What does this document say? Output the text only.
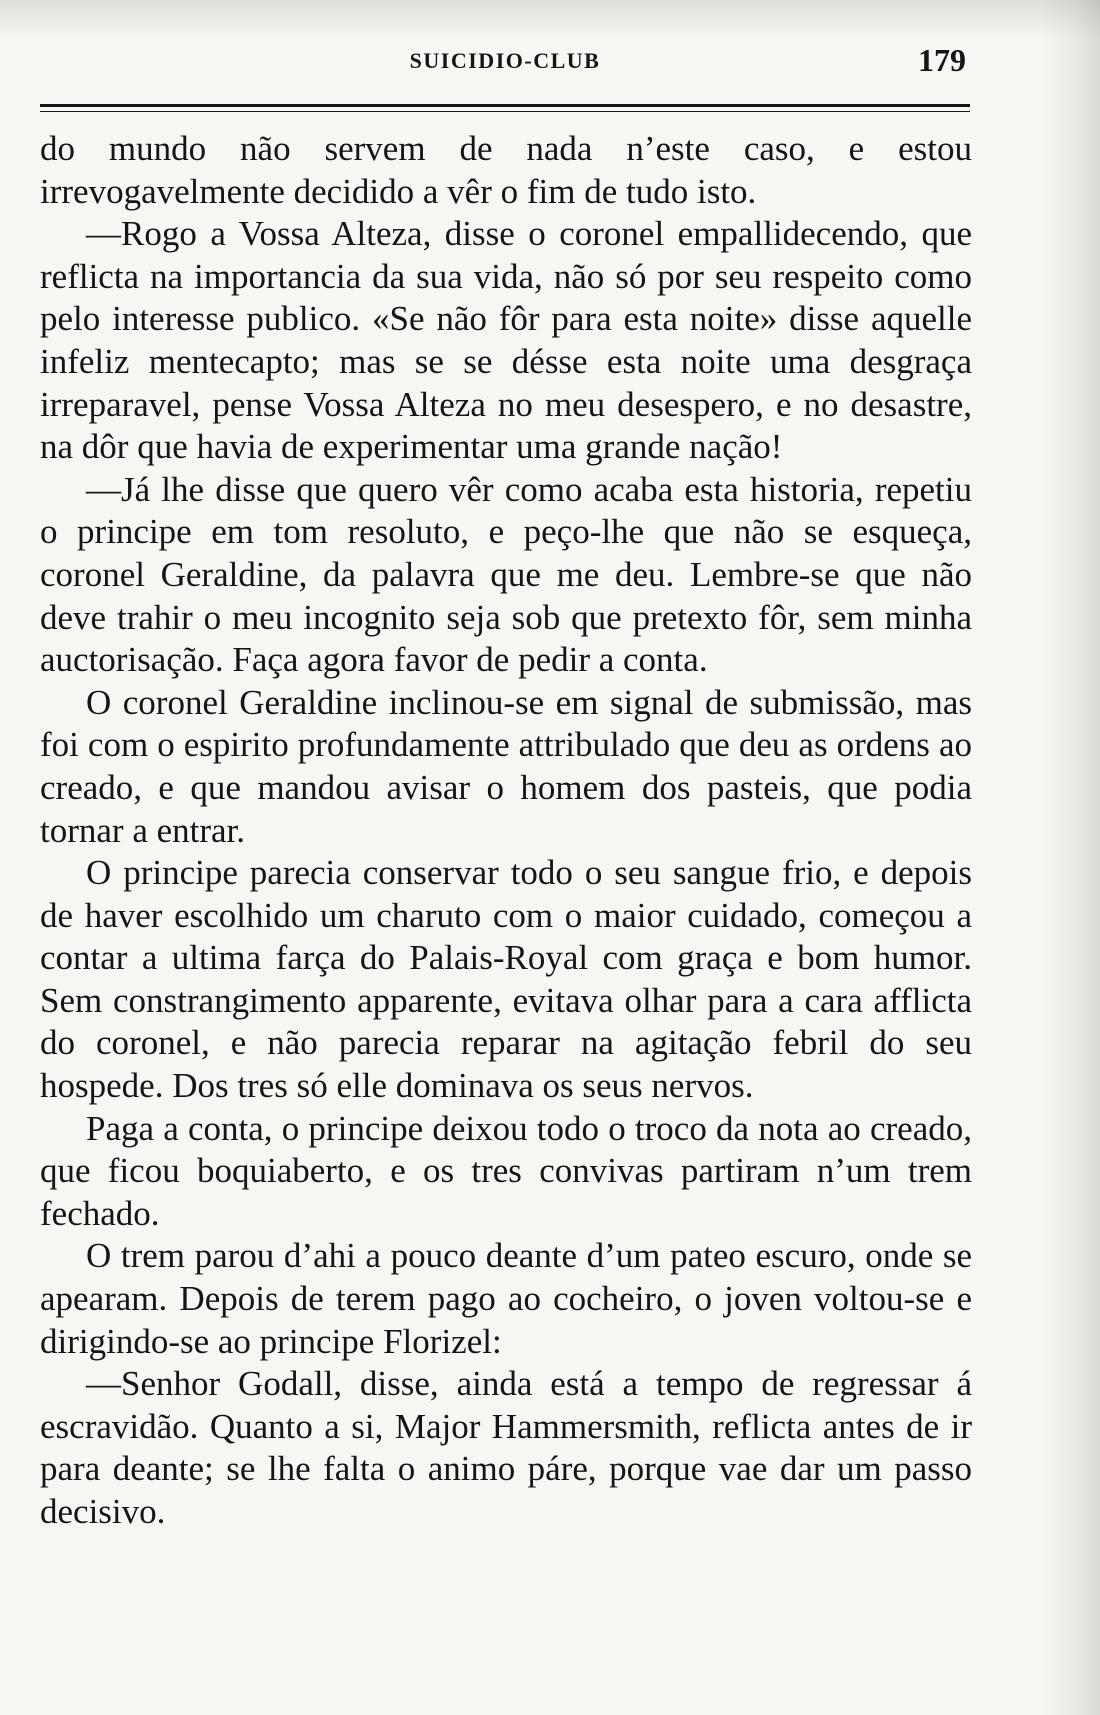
SUICIDIO-CLUB	179

do mundo não servem de nada n’este caso, e estou irrevogavelmente decidido a vêr o fim de tudo isto.

—Rogo a Vossa Alteza, disse o coronel empallidecendo, que reflicta na importancia da sua vida, não só por seu respeito como pelo interesse publico. «Se não fôr para esta noite» disse aquelle infeliz mentecapto; mas se se désse esta noite uma desgraça irreparavel, pense Vossa Alteza no meu desespero, e no desastre, na dôr que havia de experimentar uma grande nação!

—Já lhe disse que quero vêr como acaba esta historia, repetiu o principe em tom resoluto, e peço-lhe que não se esqueça, coronel Geraldine, da palavra que me deu. Lembre-se que não deve trahir o meu incognito seja sob que pretexto fôr, sem minha auctorisação. Faça agora favor de pedir a conta.

O coronel Geraldine inclinou-se em signal de submissão, mas foi com o espirito profundamente attribulado que deu as ordens ao creado, e que mandou avisar o homem dos pasteis, que podia tornar a entrar.

O principe parecia conservar todo o seu sangue frio, e depois de haver escolhido um charuto com o maior cuidado, começou a contar a ultima farça do Palais-Royal com graça e bom humor. Sem constrangimento apparente, evitava olhar para a cara afflicta do coronel, e não parecia reparar na agitação febril do seu hospede. Dos tres só elle dominava os seus nervos.

Paga a conta, o principe deixou todo o troco da nota ao creado, que ficou boquiaberto, e os tres convivas partiram n’um trem fechado.

O trem parou d’ahi a pouco deante d’um pateo escuro, onde se apearam. Depois de terem pago ao cocheiro, o joven voltou-se e dirigindo-se ao principe Florizel:

—Senhor Godall, disse, ainda está a tempo de regressar á escravidão. Quanto a si, Major Hammersmith, reflicta antes de ir para deante; se lhe falta o animo páre, porque vae dar um passo decisivo.
